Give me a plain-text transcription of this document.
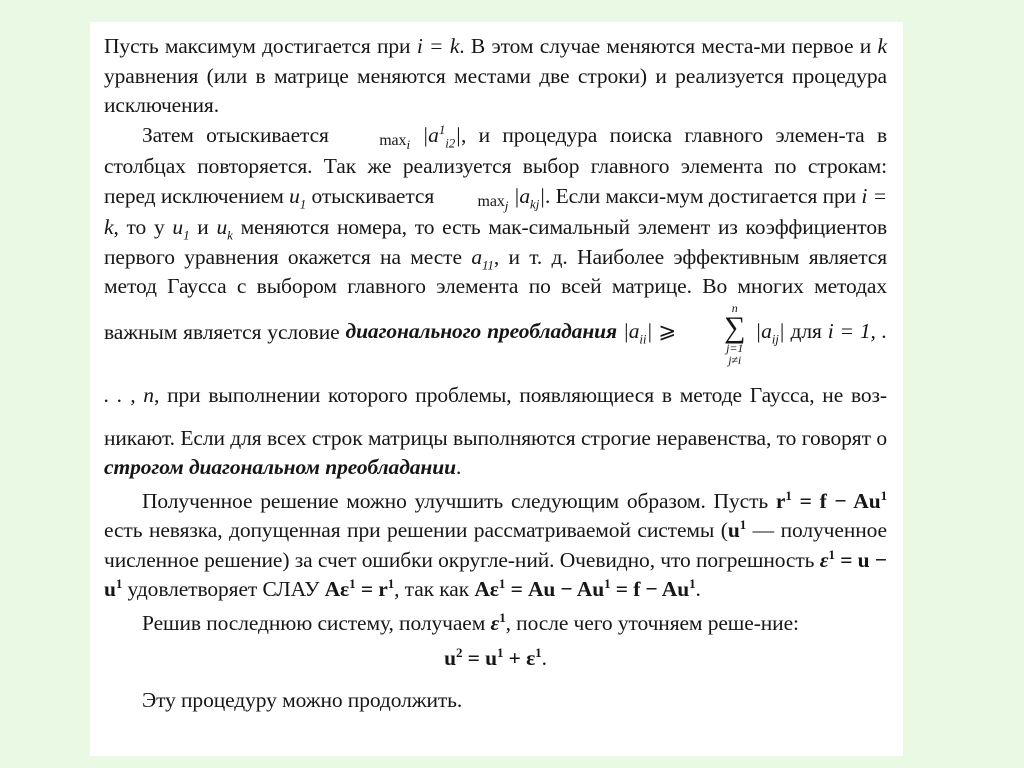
Пусть максимум достигается при i = k. В этом случае меняются места-ми первое и k уравнения (или в матрице меняются местами две строки) и реализуется процедура исключения.

Затем отыскивается	$\max_i |a^1_{i2}|$, и процедура поиска главного элемен-та в столбцах повторяется. Так же реализуется выбор главного элемента по строкам: перед исключением $u_1$ отыскивается	$\max_j |a_{kj}|$. Если макси-мум достигается при i = k, то у $u_1$ и $u_k$ меняются номера, то есть мак-симальный элемент из коэффициентов первого уравнения окажется на месте $a_{11}$, и т. д. Наиболее эффективным является метод Гаусса с выбором главного элемента по всей матрице. Во многих методах важным является условие диагонального преобладания $|a_{ii}|$ ⩾
n
∑
j=1
j≠i
$|a_{ij}|$ для i = 1, . . . , n, при выполнении которого проблемы, появляющиеся в методе Гаусса, не воз-никают. Если для всех строк матрицы выполняются строгие неравенства, то говорят о строгом диагональном преобладании.

Полученное решение можно улучшить следующим образом. Пусть $r^1 = f - Au^1$ есть невязка, допущенная при решении рассматриваемой системы ($u^1$ — полученное численное решение) за счет ошибки округле-ний. Очевидно, что погрешность $\varepsilon^1 = u - u^1$ удовлетворяет СЛАУ $A\varepsilon^1 = r^1$, так как $A\varepsilon^1 = Au - Au^1 = f - Au^1$.

Решив последнюю систему, получаем $\varepsilon^1$, после чего уточняем реше-ние:

$u^2 = u^1 + \varepsilon^1$.

Эту процедуру можно продолжить.
